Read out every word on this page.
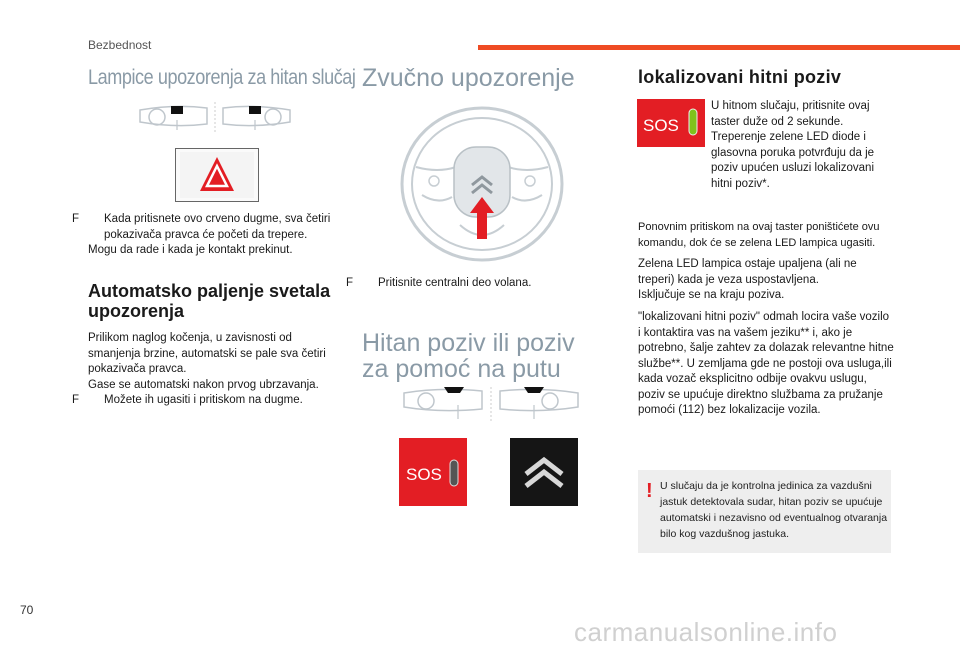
Bezbednost
Lampice upozorenja za hitan slučaj
F Kada pritisnete ovo crveno dugme, sva četiri pokazivača pravca će početi da trepere.
Mogu da rade i kada je kontakt prekinut.
Automatsko paljenje svetala upozorenja
Prilikom naglog kočenja, u zavisnosti od smanjenja brzine, automatski se pale sva četiri pokazivača pravca.
Gase se automatski nakon prvog ubrzavanja.
F Možete ih ugasiti i pritiskom na dugme.
Zvučno upozorenje
F Pritisnite centralni deo volana.
Hitan poziv ili poziv za pomoć na putu
SOS
lokalizovani hitni poziv
SOS
U hitnom slučaju, pritisnite ovaj taster duže od 2 sekunde. Treperenje zelene LED diode i glasovna poruka potvrđuju da je poziv upućen usluzi lokalizovani hitni poziv*.
Ponovnim pritiskom na ovaj taster poništićete ovu komandu, dok će se zelena LED lampica ugasiti.
Zelena LED lampica ostaje upaljena (ali ne treperi) kada je veza uspostavljena.
Isključuje se na kraju poziva.
"lokalizovani hitni poziv" odmah locira vaše vozilo i kontaktira vas na vašem jeziku** i, ako je potrebno, šalje zahtev za dolazak relevantne hitne službe**. U zemljama gde ne postoji ova usluga,ili kada vozač eksplicitno odbije ovakvu uslugu, poziv se upućuje direktno službama za pružanje pomoći (112) bez lokalizacije vozila.
! U slučaju da je kontrolna jedinica za vazdušni jastuk detektovala sudar, hitan poziv se upućuje automatski i nezavisno od eventualnog otvaranja bilo kog vazdušnog jastuka.
70
carmanualsonline.info
